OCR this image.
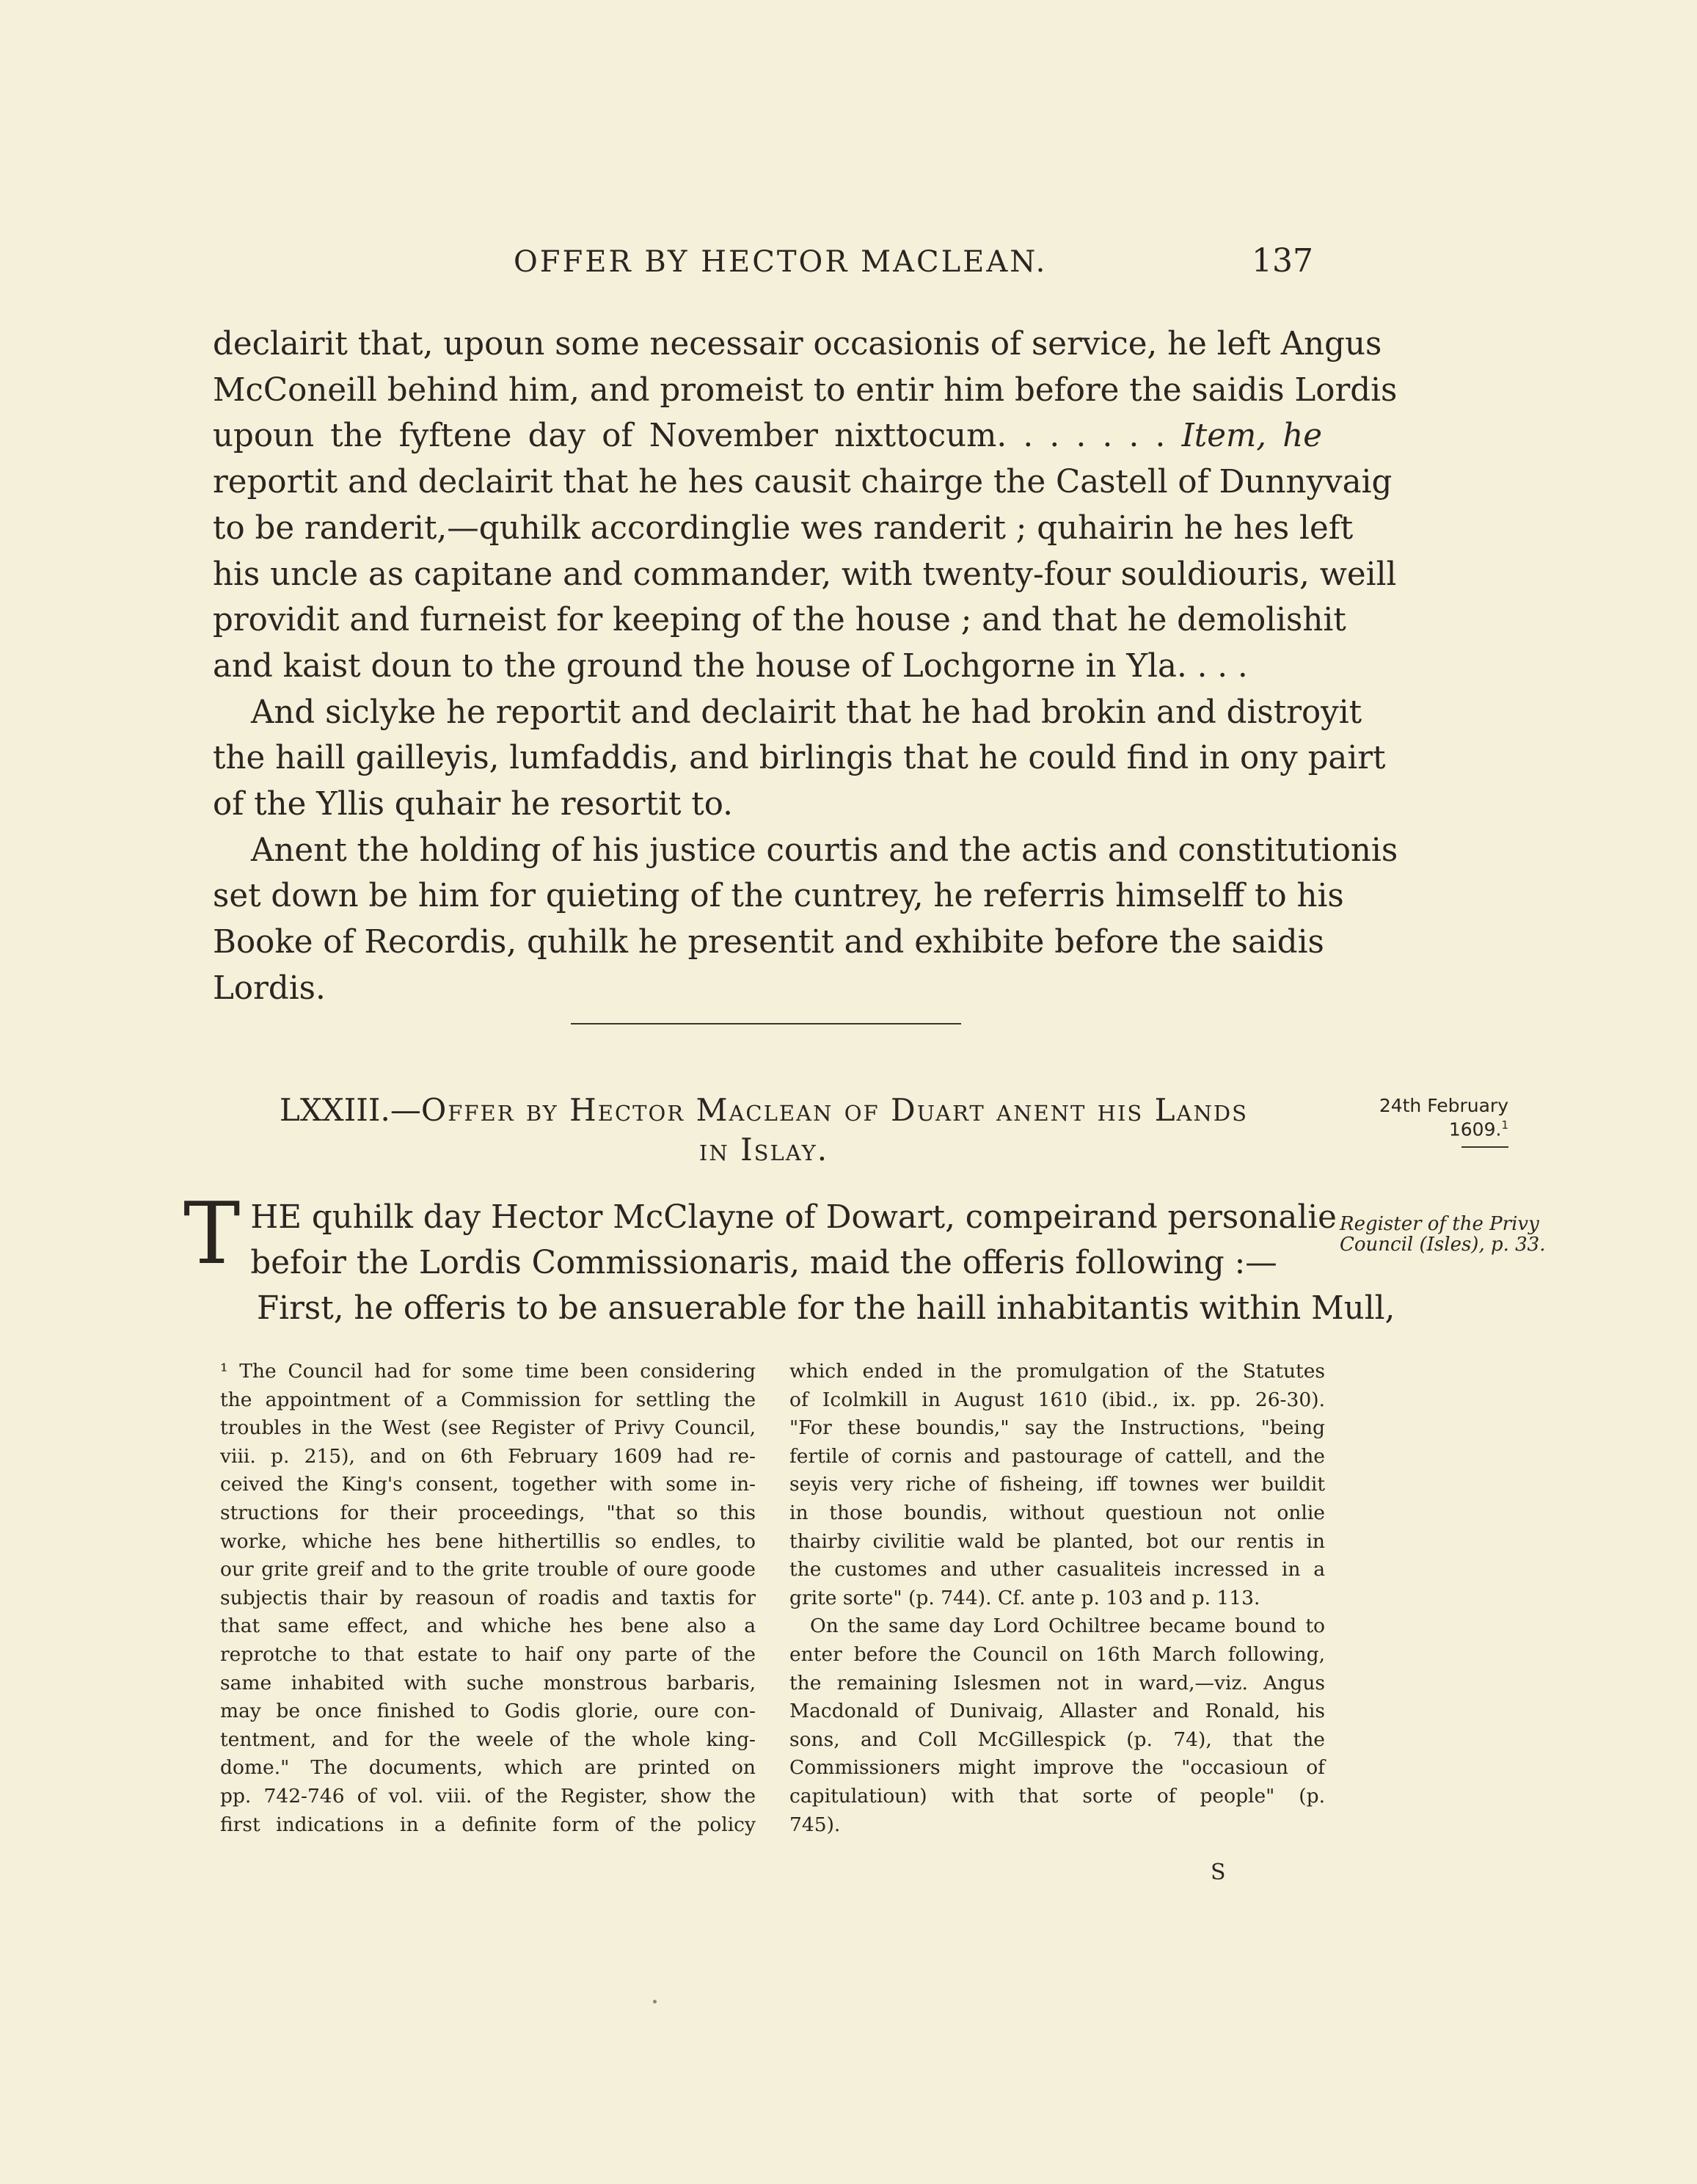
OFFER BY HECTOR MACLEAN.	137

declairit that, upoun some necessair occasionis of service, he left Angus

McConeill behind him, and promeist to entir him before the saidis Lordis

upoun the fyftene day of November nixttocum. . . . . . . Item, he

reportit and declairit that he hes causit chairge the Castell of Dunnyvaig

to be randerit,—quhilk accordinglie wes randerit ; quhairin he hes left

his uncle as capitane and commander, with twenty-four souldiouris, weill

providit and furneist for keeping of the house ; and that he demolishit

and kaist doun to the ground the house of Lochgorne in Yla. . . .

And siclyke he reportit and declairit that he had brokin and distroyit

the haill gailleyis, lumfaddis, and birlingis that he could find in ony pairt

of the Yllis quhair he resortit to.

Anent the holding of his justice courtis and the actis and constitutionis

set down be him for quieting of the cuntrey, he referris himselff to his

Booke of Recordis, quhilk he presentit and exhibite before the saidis

Lordis.

LXXIII.—Offer by Hector Maclean of Duart anent his Lands
in Islay.
24th February
1609.$^1$
Register of the Privy Council (Isles), p. 33.
T HE quhilk day Hector McClayne of Dowart, compeirand personalie

befoir the Lordis Commissionaris, maid the offeris following :—

First, he offeris to be ansuerable for the haill inhabitantis within Mull,

¹ The Council had for some time been considering

the appointment of a Commission for settling the

troubles in the West (see Register of Privy Council,

viii. p. 215), and on 6th February 1609 had re-

ceived the King's consent, together with some in-

structions for their proceedings, "that so this

worke, whiche hes bene hithertillis so endles, to

our grite greif and to the grite trouble of oure goode

subjectis thair by reasoun of roadis and taxtis for

that same effect, and whiche hes bene also a

reprotche to that estate to haif ony parte of the

same inhabited with suche monstrous barbaris,

may be once finished to Godis glorie, oure con-

tentment, and for the weele of the whole king-

dome." The documents, which are printed on

pp. 742-746 of vol. viii. of the Register, show the

first indications in a definite form of the policy

which ended in the promulgation of the Statutes

of Icolmkill in August 1610 (ibid., ix. pp. 26-30).

"For these boundis," say the Instructions, "being

fertile of cornis and pastourage of cattell, and the

seyis very riche of fisheing, iff townes wer buildit

in those boundis, without questioun not onlie

thairby civilitie wald be planted, bot our rentis in

the customes and uther casualiteis incressed in a

grite sorte" (p. 744). Cf. ante p. 103 and p. 113.

On the same day Lord Ochiltree became bound to

enter before the Council on 16th March following,

the remaining Islesmen not in ward,—viz. Angus

Macdonald of Dunivaig, Allaster and Ronald, his

sons, and Coll McGillespick (p. 74), that the

Commissioners might improve the "occasioun of

capitulatioun) with that sorte of people" (p.

745).

S
